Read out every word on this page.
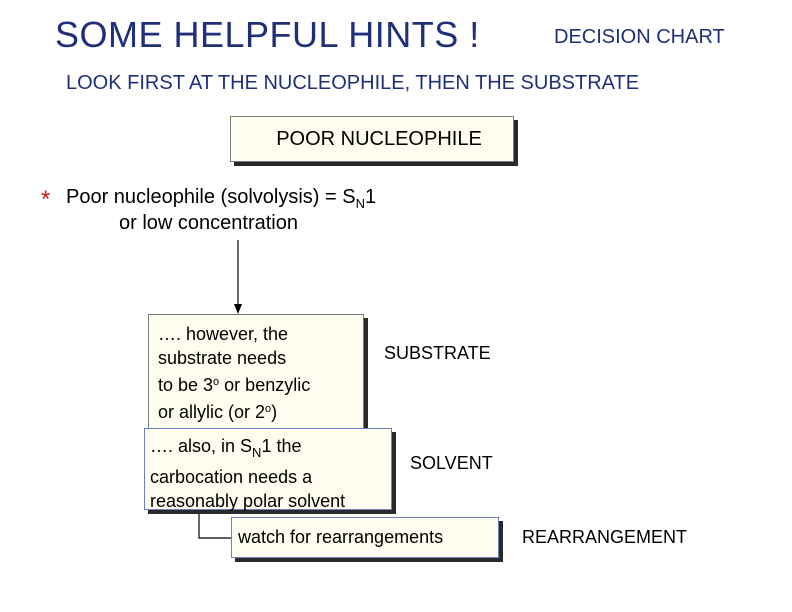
SOME HELPFUL HINTS !	DECISION CHART
LOOK FIRST AT THE NUCLEOPHILE, THEN THE SUBSTRATE
POOR NUCLEOPHILE
* Poor nucleophile (solvolysis) = $S_N1$
or low concentration
…. however, the
substrate needs
to be 3$^o$ or benzylic
or allylic (or 2$^o$)
…. also, in $S_N1$ the
carbocation needs a
reasonably polar solvent
watch for rearrangements
SUBSTRATE
SOLVENT
REARRANGEMENT
